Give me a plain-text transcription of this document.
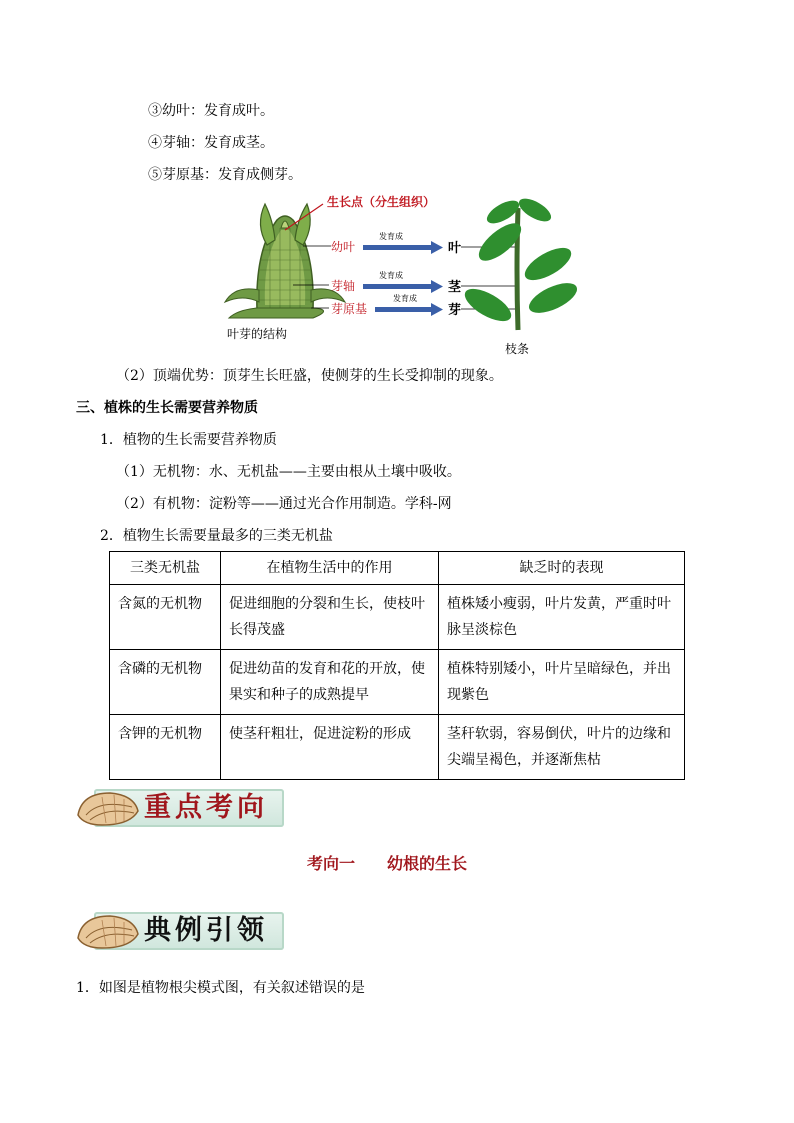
③幼叶：发育成叶。
④芽轴：发育成茎。
⑤芽原基：发育成侧芽。
生长点（分生组织）
幼叶
芽轴
芽原基
发育成
发育成
发育成
叶
茎
芽
叶芽的结构
枝条
（2）顶端优势：顶芽生长旺盛，使侧芽的生长受抑制的现象。
三、植株的生长需要营养物质
1．植物的生长需要营养物质
（1）无机物：水、无机盐——主要由根从土壤中吸收。
（2）有机物：淀粉等——通过光合作用制造。学科-网
2．植物生长需要量最多的三类无机盐
三类无机盐	在植物生活中的作用	缺乏时的表现
含氮的无机物	促进细胞的分裂和生长，使枝叶长得茂盛	植株矮小瘦弱，叶片发黄，严重时叶脉呈淡棕色
含磷的无机物	促进幼苗的发育和花的开放，使果实和种子的成熟提早	植株特别矮小，叶片呈暗绿色，并出现紫色
含钾的无机物	使茎秆粗壮，促进淀粉的形成	茎秆软弱，容易倒伏，叶片的边缘和尖端呈褐色，并逐渐焦枯
重点考向
考向一　　幼根的生长
典例引领
1．如图是植物根尖模式图，有关叙述错误的是
